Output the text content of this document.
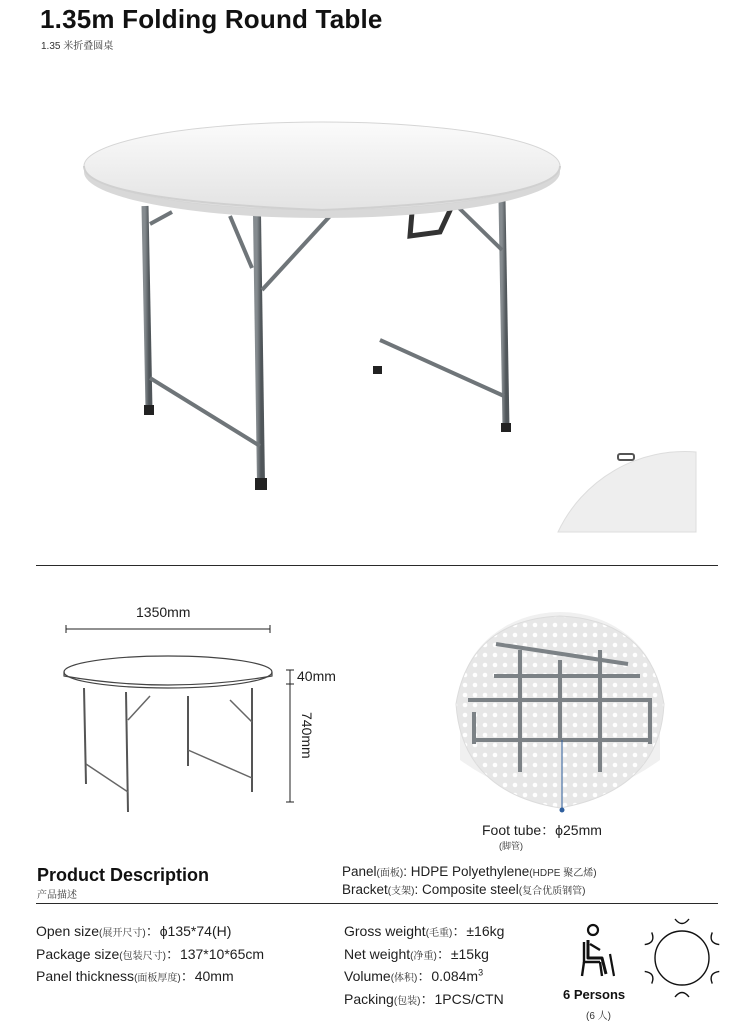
1.35m Folding Round Table
1.35 米折叠圆桌
1350mm
40mm
740mm
Foot tube：ϕ25mm
(脚管)
Product Description
产品描述
Panel(面板): HDPE Polyethylene(HDPE 聚乙烯)
Bracket(支架): Composite steel(复合优质钢管)
Open size(展开尺寸)：ϕ135*74(H)
Package size(包装尺寸)：137*10*65cm
Panel thickness(面板厚度)：40mm
Gross weight(毛重)：±16kg
Net weight(净重)：±15kg
Volume(体积)：$0.084m^3$
Packing(包装)：1PCS/CTN	6 Persons
(6 人)
